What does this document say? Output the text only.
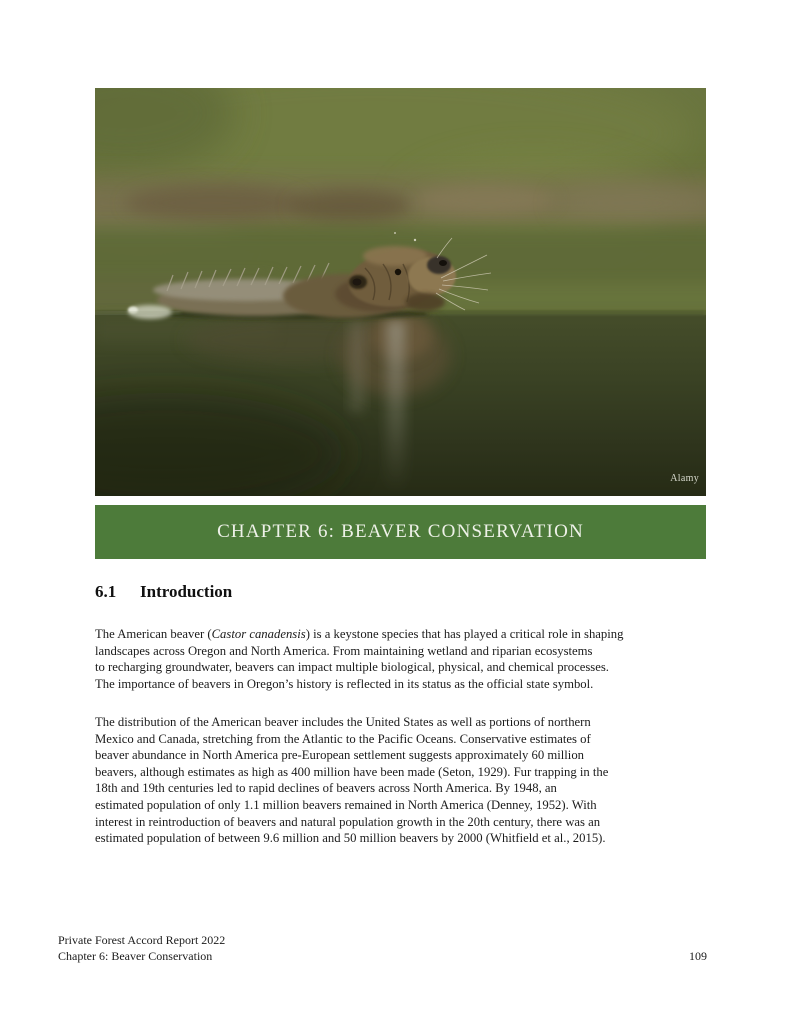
Alamy
CHAPTER 6: BEAVER CONSERVATION
6.1 Introduction
The American beaver (Castor canadensis) is a keystone species that has played a critical role in shaping
landscapes across Oregon and North America. From maintaining wetland and riparian ecosystems
to recharging groundwater, beavers can impact multiple biological, physical, and chemical processes.
The importance of beavers in Oregon’s history is reflected in its status as the official state symbol.
The distribution of the American beaver includes the United States as well as portions of northern
Mexico and Canada, stretching from the Atlantic to the Pacific Oceans. Conservative estimates of
beaver abundance in North America pre-European settlement suggests approximately 60 million
beavers, although estimates as high as 400 million have been made (Seton, 1929). Fur trapping in the
18th and 19th centuries led to rapid declines of beavers across North America. By 1948, an
estimated population of only 1.1 million beavers remained in North America (Denney, 1952). With
interest in reintroduction of beavers and natural population growth in the 20th century, there was an
estimated population of between 9.6 million and 50 million beavers by 2000 (Whitfield et al., 2015).
Private Forest Accord Report 2022
Chapter 6: Beaver Conservation	109
